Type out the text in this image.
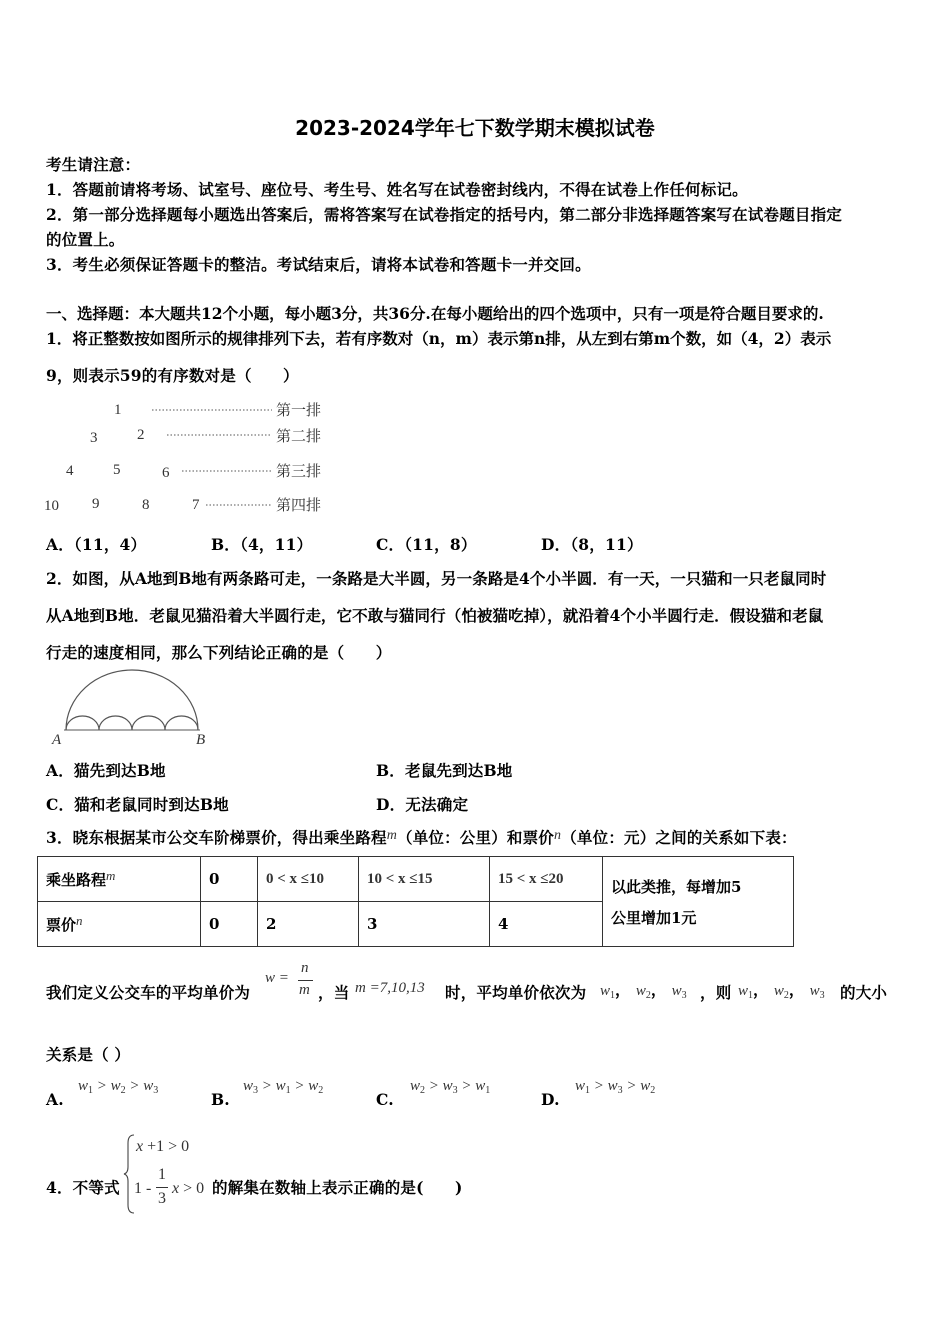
2023-2024学年七下数学期末模拟试卷
考生请注意：
1．答题前请将考场、试室号、座位号、考生号、姓名写在试卷密封线内，不得在试卷上作任何标记。
2．第一部分选择题每小题选出答案后，需将答案写在试卷指定的括号内，第二部分非选择题答案写在试卷题目指定
的位置上。
3．考生必须保证答题卡的整洁。考试结束后，请将本试卷和答题卡一并交回。
一、选择题：本大题共12个小题，每小题3分，共36分.在每小题给出的四个选项中，只有一项是符合题目要求的.
1．将正整数按如图所示的规律排列下去，若有序数对（n，m）表示第n排，从左到右第m个数，如（4，2）表示
9，则表示59的有序数对是（　　）
1	第一排
3	2	第二排
4	5	6	第三排
10 9	8	7	第四排
A．（11，4）	B．（4，11）	C．（11，8）	D．（8，11）
2．如图，从A地到B地有两条路可走，一条路是大半圆，另一条路是4个小半圆．有一天，一只猫和一只老鼠同时
从A地到B地．老鼠见猫沿着大半圆行走，它不敢与猫同行（怕被猫吃掉），就沿着4个小半圆行走．假设猫和老鼠
行走的速度相同，那么下列结论正确的是（　　）
A	B
A．猫先到达B地	B．老鼠先到达B地
C．猫和老鼠同时到达B地	D．无法确定
3．晓东根据某市公交车阶梯票价，得出乘坐路程m（单位：公里）和票价n（单位：元）之间的关系如下表：
乘坐路程m	0	0 < x ≤10	10 < x ≤15	15 < x ≤20	以此类推，每增加5
公里增加1元

票价n	0	2	3	4	
我们定义公交车的平均单价为
w =
n
m ，当 m =7,10,13 时，平均单价依次为 $w_1$， $w_2$， $w_3$ ，则 $w_1$， $w_2$， $w_3$ 的大小
关系是（ ）
A.
$w_1 > w_2 > w_3$	B.
$w_3 > w_1 > w_2$	C.
$w_2 > w_3 > w_1$	D.
$w_1 > w_3 > w_2$
4．不等式
x +1 > 0
1 -
1
3
x > 0 的解集在数轴上表示正确的是(　　)
